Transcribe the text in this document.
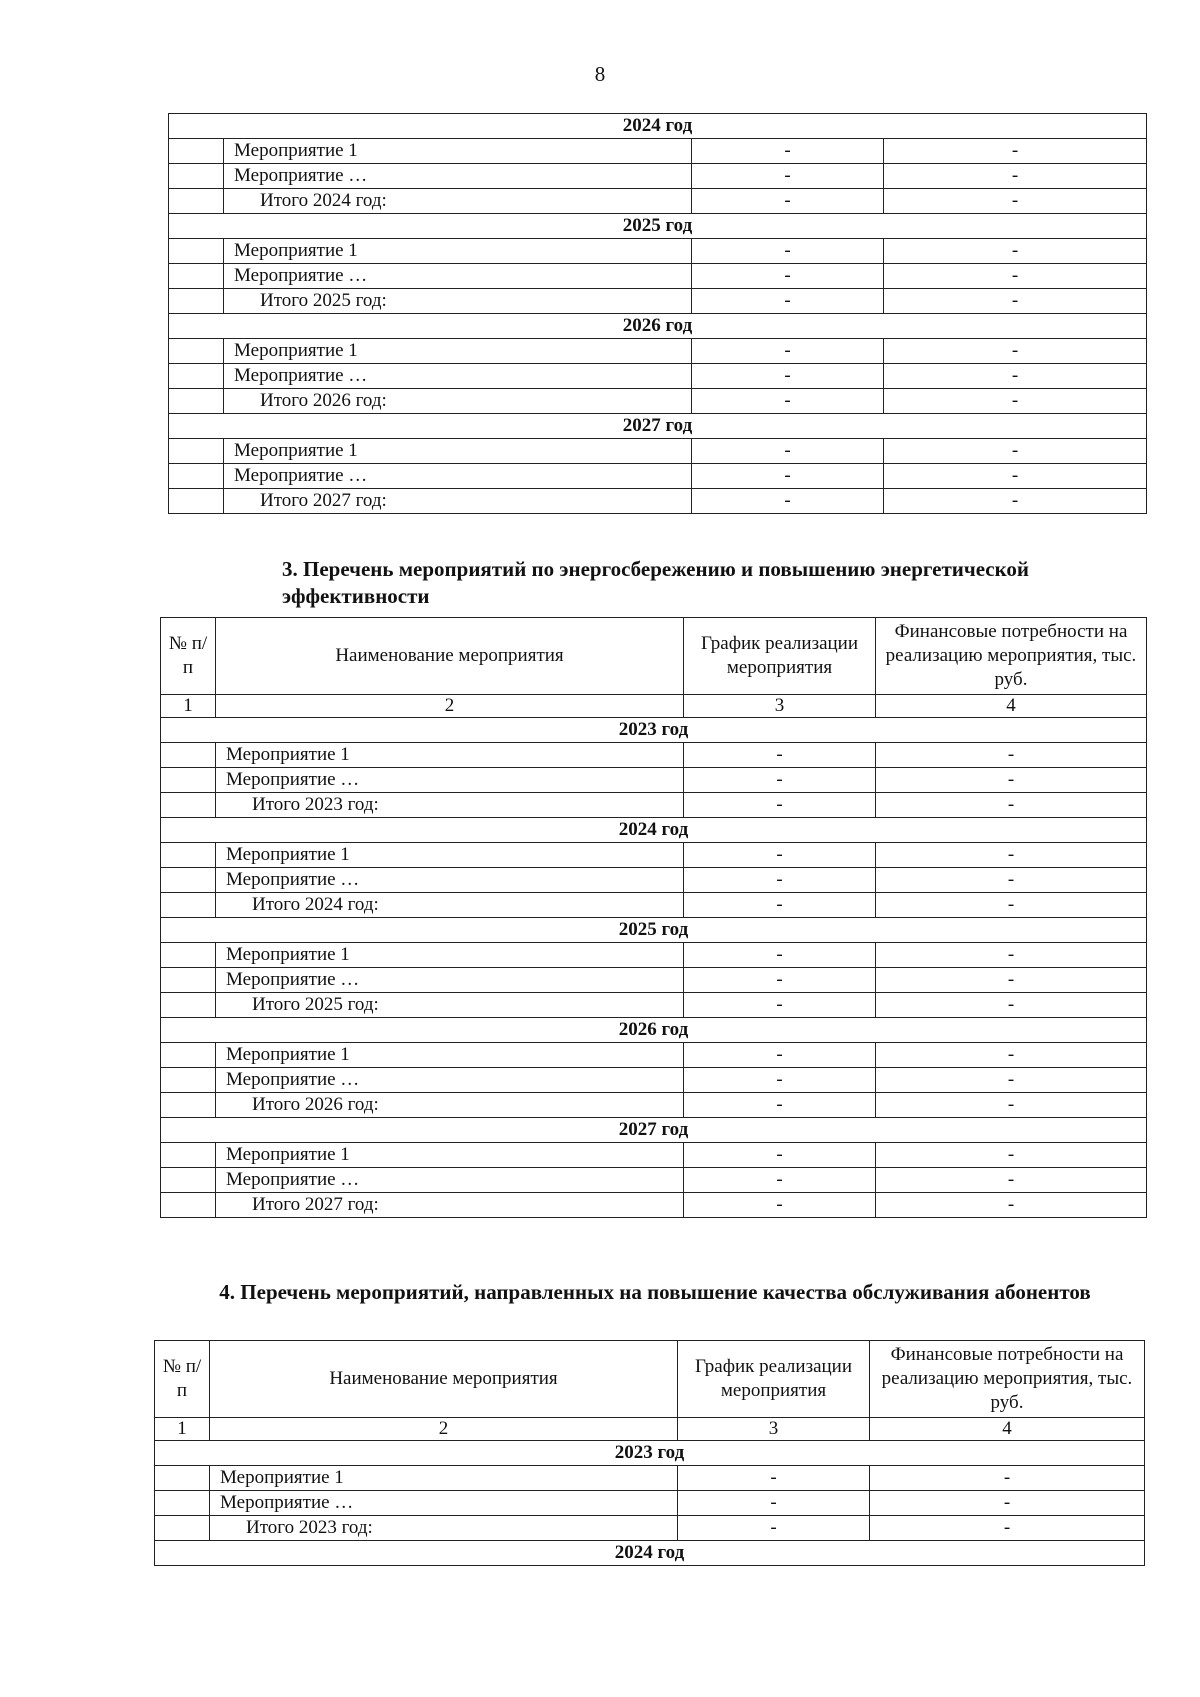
8
2024 год			
	Мероприятие 1	-	-
	Мероприятие …	-	-
	Итого 2024 год:	-	-
2025 год			
	Мероприятие 1	-	-
	Мероприятие …	-	-
	Итого 2025 год:	-	-
2026 год			
	Мероприятие 1	-	-
	Мероприятие …	-	-
	Итого 2026 год:	-	-
2027 год			
	Мероприятие 1	-	-
	Мероприятие …	-	-
	Итого 2027 год:	-	-
3. Перечень мероприятий по энергосбережению и повышению энергетической эффективности
№ п/п	Наименование мероприятия	График реализации мероприятия	Финансовые потребности на реализацию мероприятия, тыс. руб.
1	2	3	4
2023 год			
	Мероприятие 1	-	-
	Мероприятие …	-	-
	Итого 2023 год:	-	-
2024 год			
	Мероприятие 1	-	-
	Мероприятие …	-	-
	Итого 2024 год:	-	-
2025 год			
	Мероприятие 1	-	-
	Мероприятие …	-	-
	Итого 2025 год:	-	-
2026 год			
	Мероприятие 1	-	-
	Мероприятие …	-	-
	Итого 2026 год:	-	-
2027 год			
	Мероприятие 1	-	-
	Мероприятие …	-	-
	Итого 2027 год:	-	-
4. Перечень мероприятий, направленных на повышение качества обслуживания абонентов
№ п/п	Наименование мероприятия	График реализации мероприятия	Финансовые потребности на реализацию мероприятия, тыс. руб.
1	2	3	4
2023 год			
	Мероприятие 1	-	-
	Мероприятие …	-	-
	Итого 2023 год:	-	-
2024 год			
